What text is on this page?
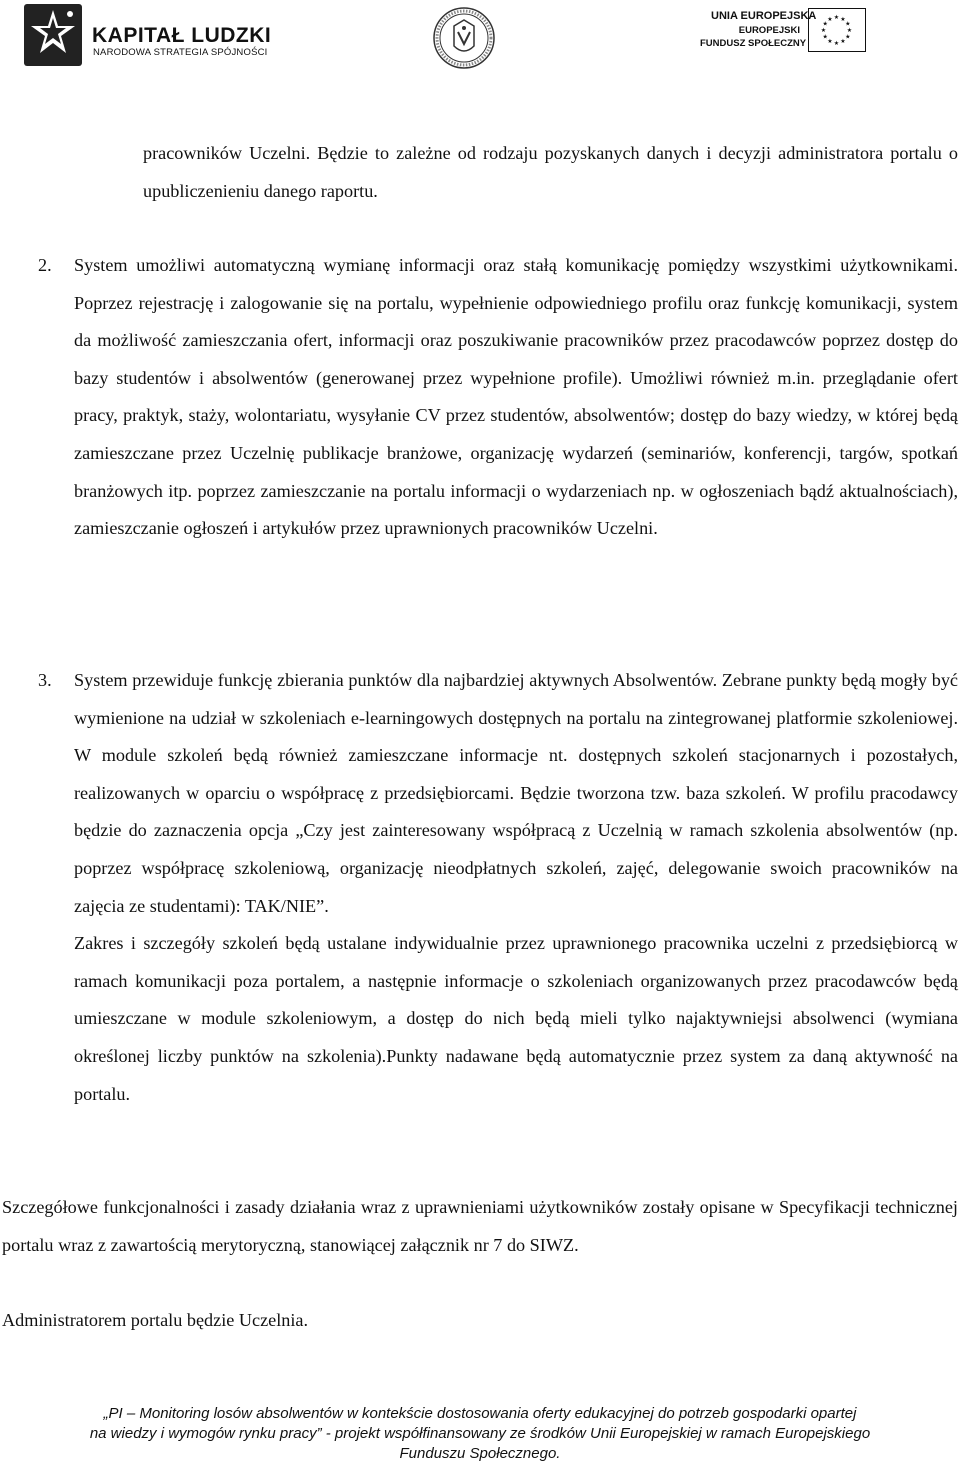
KAPITAŁ LUDZKI
NARODOWA STRATEGIA SPÓJNOŚCI
UNIA EUROPEJSKA
EUROPEJSKI
FUNDUSZ SPOŁECZNY
★ ★
★
★
★
★
★
★
★
★
★
★

pracowników Uczelni. Będzie to zależne od rodzaju pozyskanych danych i decyzji administratora portalu o upubliczenieniu danego raportu.

2. System umożliwi automatyczną wymianę informacji oraz stałą komunikację pomiędzy wszystkimi użytkownikami. Poprzez rejestrację i zalogowanie się na portalu, wypełnienie odpowiedniego profilu oraz funkcję komunikacji, system da możliwość zamieszczania ofert, informacji oraz poszukiwanie pracowników przez pracodawców poprzez dostęp do bazy studentów i absolwentów (generowanej przez wypełnione profile). Umożliwi również m.in. przeglądanie ofert pracy, praktyk, staży, wolontariatu, wysyłanie CV przez studentów, absolwentów; dostęp do bazy wiedzy, w której będą zamieszczane przez Uczelnię publikacje branżowe, organizację wydarzeń (seminariów, konferencji, targów, spotkań branżowych itp. poprzez zamieszczanie na portalu informacji o wydarzeniach np. w ogłoszeniach bądź aktualnościach), zamieszczanie ogłoszeń i artykułów przez uprawnionych pracowników Uczelni.

3. System przewiduje funkcję zbierania punktów dla najbardziej aktywnych Absolwentów. Zebrane punkty będą mogły być wymienione na udział w szkoleniach e-learningowych dostępnych na portalu na zintegrowanej platformie szkoleniowej. W module szkoleń będą również zamieszczane informacje nt. dostępnych szkoleń stacjonarnych i pozostałych, realizowanych w oparciu o współpracę z przedsiębiorcami. Będzie tworzona tzw. baza szkoleń. W profilu pracodawcy będzie do zaznaczenia opcja „Czy jest zainteresowany współpracą z Uczelnią w ramach szkolenia absolwentów (np. poprzez współpracę szkoleniową, organizację nieodpłatnych szkoleń, zajęć, delegowanie swoich pracowników na zajęcia ze studentami): TAK/NIE”.

Zakres i szczegóły szkoleń będą ustalane indywidualnie przez uprawnionego pracownika uczelni z przedsiębiorcą w ramach komunikacji poza portalem, a następnie informacje o szkoleniach organizowanych przez pracodawców będą umieszczane w module szkoleniowym, a dostęp do nich będą mieli tylko najaktywniejsi absolwenci (wymiana określonej liczby punktów na szkolenia).Punkty nadawane będą automatycznie przez system za daną aktywność na portalu.

Szczegółowe funkcjonalności i zasady działania wraz z uprawnieniami użytkowników zostały opisane w Specyfikacji technicznej portalu wraz z zawartością merytoryczną, stanowiącej załącznik nr 7 do SIWZ.

Administratorem portalu będzie Uczelnia.

„PI – Monitoring losów absolwentów w kontekście dostosowania oferty edukacyjnej do potrzeb gospodarki opartej
na wiedzy i wymogów rynku pracy” - projekt współfinansowany ze środków Unii Europejskiej w ramach Europejskiego
Funduszu Społecznego.
